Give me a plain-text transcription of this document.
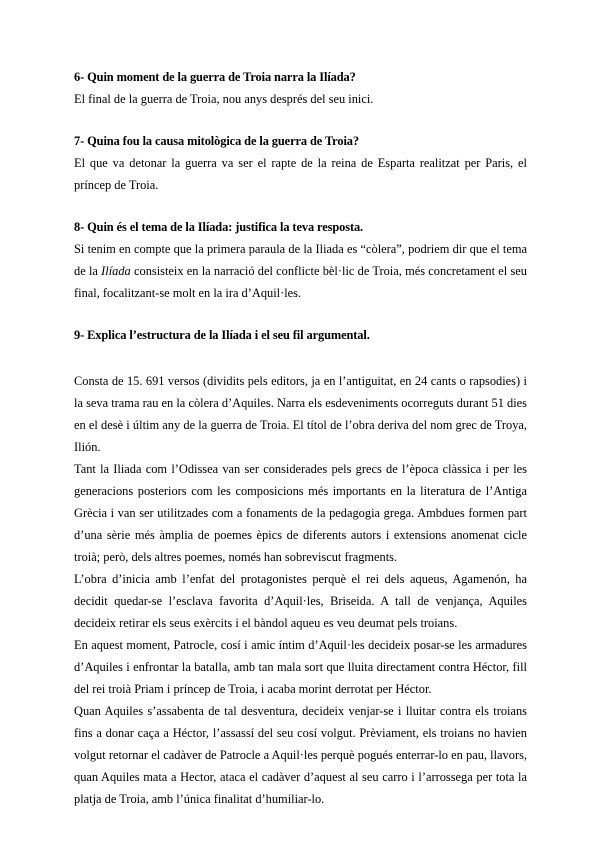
6- Quin moment de la guerra de Troia narra la Ilíada?

El final de la guerra de Troia, nou anys després del seu inici.

7- Quina fou la causa mitològica de la guerra de Troia?

El que va detonar la guerra va ser el rapte de la reina de Esparta realitzat per Paris, el príncep de Troia.

8- Quin és el tema de la Ilíada: justifica la teva resposta.

Si tenim en compte que la primera paraula de la Iliada es “còlera”, podriem dir que el tema de la Ilíada consisteix en la narració del conflicte bèl·lic de Troia, més concretament el seu final, focalitzant-se molt en la ira d’Aquil·les.

9- Explica l’estructura de la Ilíada i el seu fil argumental.

Consta de 15. 691 versos (dividits pels editors, ja en l’antiguitat, en 24 cants o rapsodies) i la seva trama rau en la còlera d’Aquiles. Narra els esdeveniments ocorreguts durant 51 dies en el desè i últim any de la guerra de Troia. El títol de l’obra deriva del nom grec de Troya, Ilión.

Tant la Iliada com l’Odissea van ser considerades pels grecs de l’època clàssica i per les generacions posteriors com les composicions més importants en la literatura de l’Antiga Grècia i van ser utilitzades com a fonaments de la pedagogia grega. Ambdues formen part d’una sèrie més àmplia de poemes èpics de diferents autors i extensions anomenat cicle troià; però, dels altres poemes, només han sobreviscut fragments.

L’obra d’inicia amb l’enfat del protagonistes perquè el rei dels aqueus, Agamenón, ha decidit quedar-se l’esclava favorita d’Aquil·les, Briseida. A tall de venjança, Aquiles decideix retirar els seus exèrcits i el bàndol aqueu es veu deumat pels troians.

En aquest moment, Patrocle, cosí i amic íntim d’Aquil·les decideix posar-se les armadures d’Aquiles i enfrontar la batalla, amb tan mala sort que lluita directament contra Héctor, fill del rei troià Priam i príncep de Troia, i acaba morint derrotat per Héctor.

Quan Aquiles s’assabenta de tal desventura, decideix venjar-se i lluitar contra els troians fins a donar caça a Héctor, l’assassí del seu cosí volgut. Prèviament, els troians no havien volgut retornar el cadàver de Patrocle a Aquil·les perquè pogués enterrar-lo en pau, llavors, quan Aquiles mata a Hector, ataca el cadàver d’aquest al seu carro i l’arrossega per tota la platja de Troia, amb l’única finalitat d’humiliar-lo.
